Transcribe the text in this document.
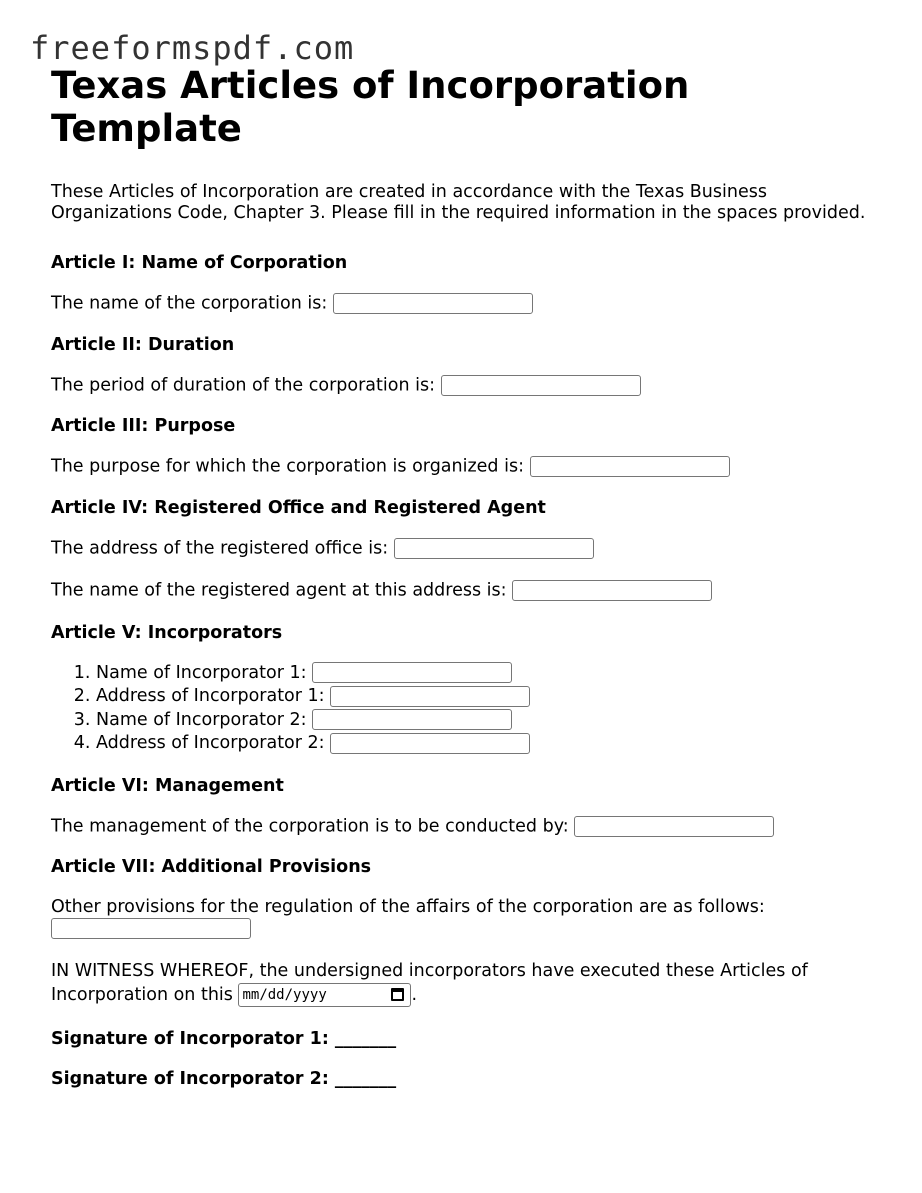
freeformspdf.com
Texas Articles of Incorporation Template

These Articles of Incorporation are created in accordance with the Texas Business Organizations Code, Chapter 3. Please fill in the required information in the spaces provided.

Article I: Name of Corporation

The name of the corporation is:

Article II: Duration

The period of duration of the corporation is:

Article III: Purpose

The purpose for which the corporation is organized is:

Article IV: Registered Office and Registered Agent

The address of the registered office is:

The name of the registered agent at this address is:

Article V: Incorporators
1. Name of Incorporator 1:
2. Address of Incorporator 1:
3. Name of Incorporator 2:
4. Address of Incorporator 2:
Article VI: Management

The management of the corporation is to be conducted by:

Article VII: Additional Provisions

Other provisions for the regulation of the affairs of the corporation are as follows:

IN WITNESS WHEREOF, the undersigned incorporators have executed these Articles of Incorporation on this mm/dd/yyyy	.

Signature of Incorporator 1: _______

Signature of Incorporator 2: _______
